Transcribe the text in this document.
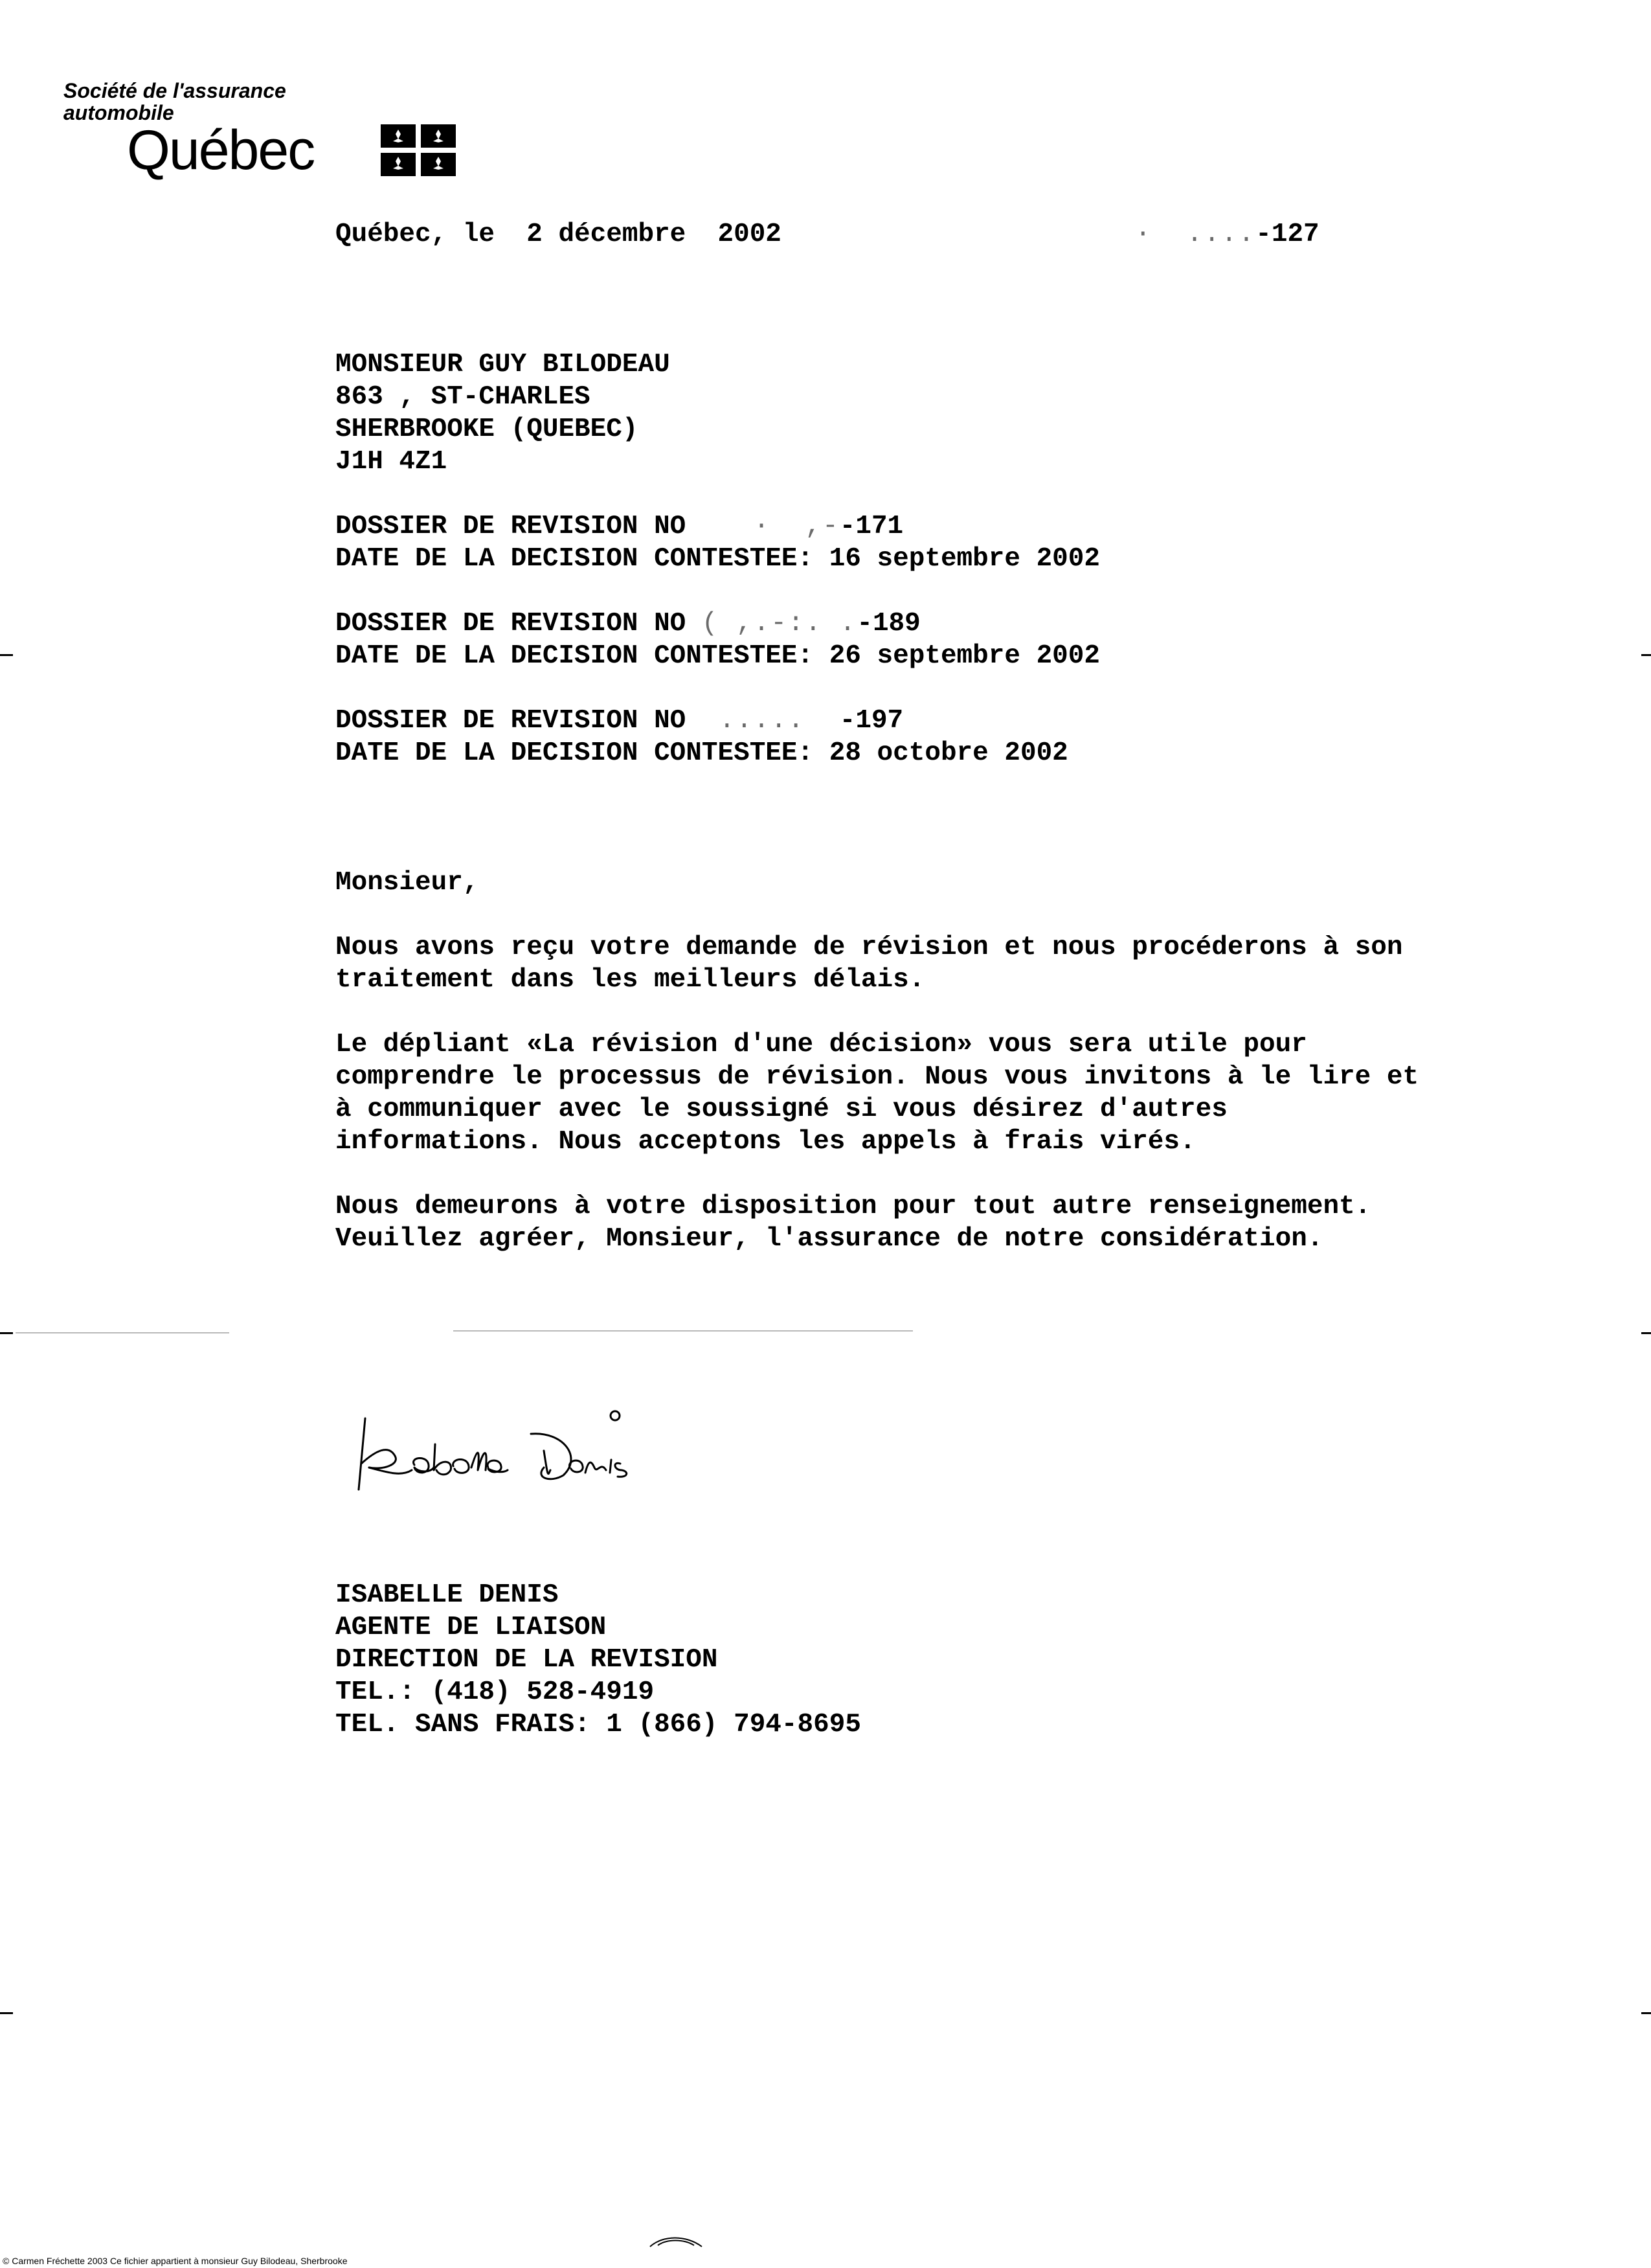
Société de l'assurance
automobile
Québec
Québec, le  2 décembre  2002	·  ....-127
MONSIEUR GUY BILODEAU
863 , ST-CHARLES
SHERBROOKE (QUEBEC)
J1H 4Z1
DOSSIER DE REVISION NO    ·  ,--171
DATE DE LA DECISION CONTESTEE: 16 septembre 2002
DOSSIER DE REVISION NO ( ,.-:. .-189
DATE DE LA DECISION CONTESTEE: 26 septembre 2002
DOSSIER DE REVISION NO  .....  -197
DATE DE LA DECISION CONTESTEE: 28 octobre 2002
Monsieur,
Nous avons reçu votre demande de révision et nous procéderons à son
traitement dans les meilleurs délais.
Le dépliant «La révision d'une décision» vous sera utile pour
comprendre le processus de révision. Nous vous invitons à le lire et
à communiquer avec le soussigné si vous désirez d'autres
informations. Nous acceptons les appels à frais virés.
Nous demeurons à votre disposition pour tout autre renseignement.
Veuillez agréer, Monsieur, l'assurance de notre considération.
ISABELLE DENIS
AGENTE DE LIAISON
DIRECTION DE LA REVISION
TEL.: (418) 528-4919
TEL. SANS FRAIS: 1 (866) 794-8695
© Carmen Fréchette 2003 Ce fichier appartient à monsieur Guy Bilodeau, Sherbrooke
